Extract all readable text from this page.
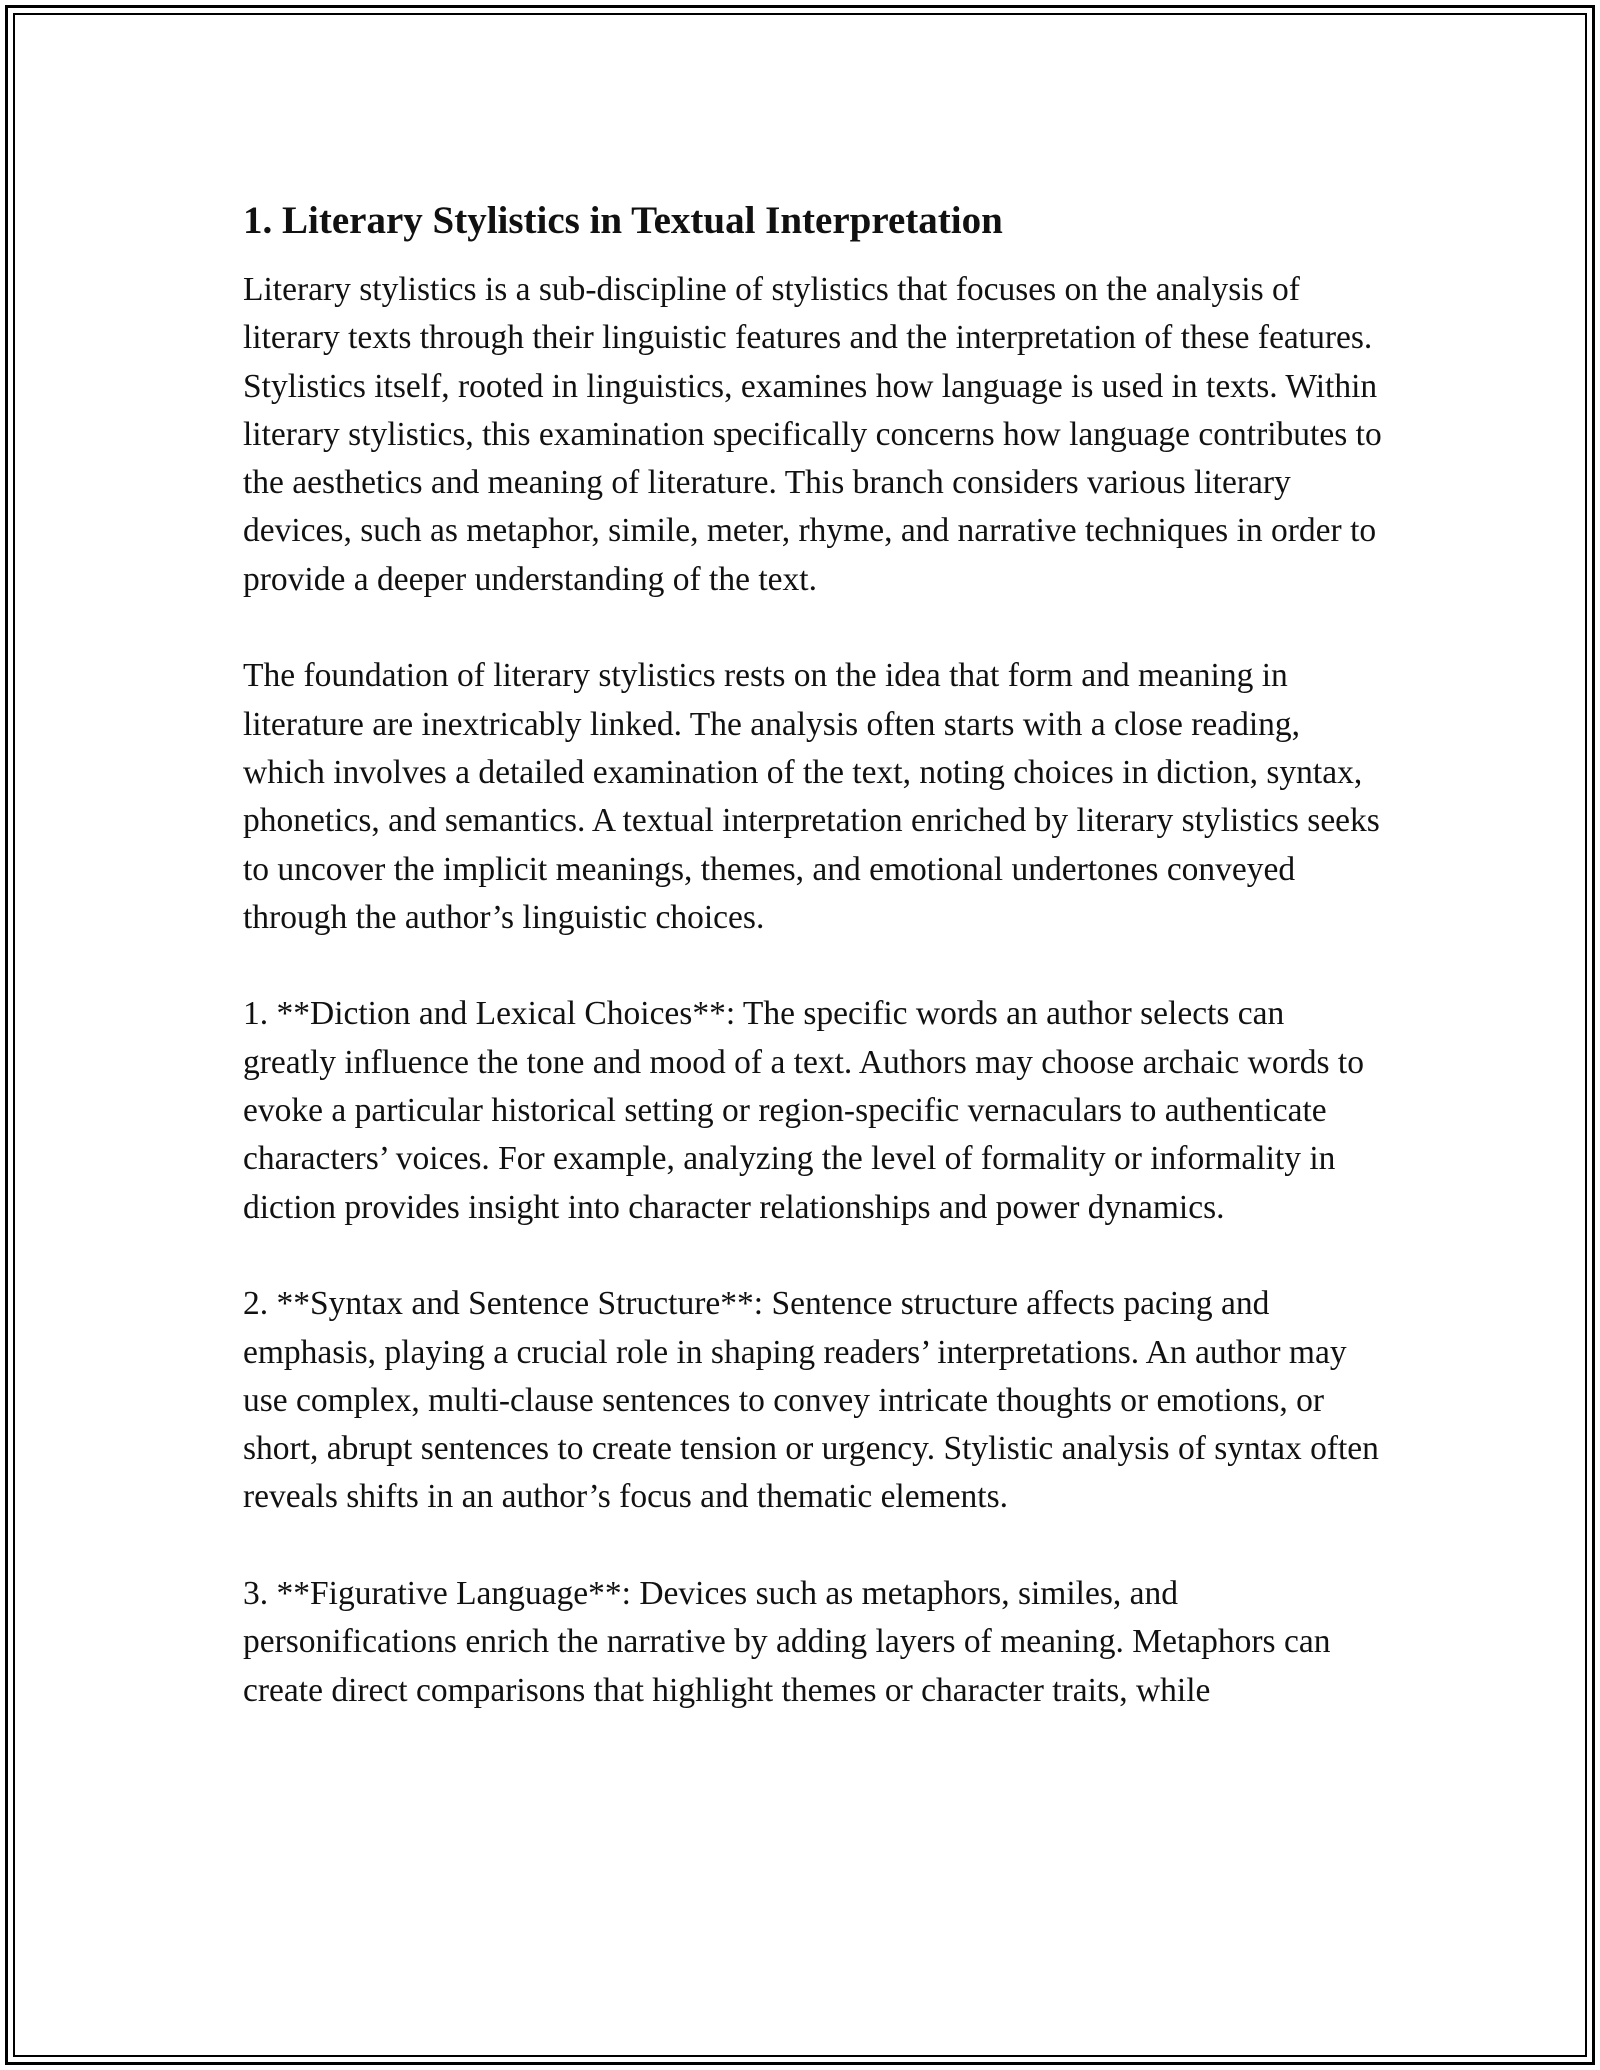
1. Literary Stylistics in Textual Interpretation

Literary stylistics is a sub-discipline of stylistics that focuses on the analysis of literary texts through their linguistic features and the interpretation of these features. Stylistics itself, rooted in linguistics, examines how language is used in texts. Within literary stylistics, this examination specifically concerns how language contributes to the aesthetics and meaning of literature. This branch considers various literary devices, such as metaphor, simile, meter, rhyme, and narrative techniques in order to provide a deeper understanding of the text.

The foundation of literary stylistics rests on the idea that form and meaning in literature are inextricably linked. The analysis often starts with a close reading, which involves a detailed examination of the text, noting choices in diction, syntax, phonetics, and semantics. A textual interpretation enriched by literary stylistics seeks to uncover the implicit meanings, themes, and emotional undertones conveyed through the author’s linguistic choices.

1. **Diction and Lexical Choices**: The specific words an author selects can greatly influence the tone and mood of a text. Authors may choose archaic words to evoke a particular historical setting or region-specific vernaculars to authenticate characters’ voices. For example, analyzing the level of formality or informality in diction provides insight into character relationships and power dynamics.

2. **Syntax and Sentence Structure**: Sentence structure affects pacing and emphasis, playing a crucial role in shaping readers’ interpretations. An author may use complex, multi-clause sentences to convey intricate thoughts or emotions, or short, abrupt sentences to create tension or urgency. Stylistic analysis of syntax often reveals shifts in an author’s focus and thematic elements.

3. **Figurative Language**: Devices such as metaphors, similes, and personifications enrich the narrative by adding layers of meaning. Metaphors can create direct comparisons that highlight themes or character traits, while
